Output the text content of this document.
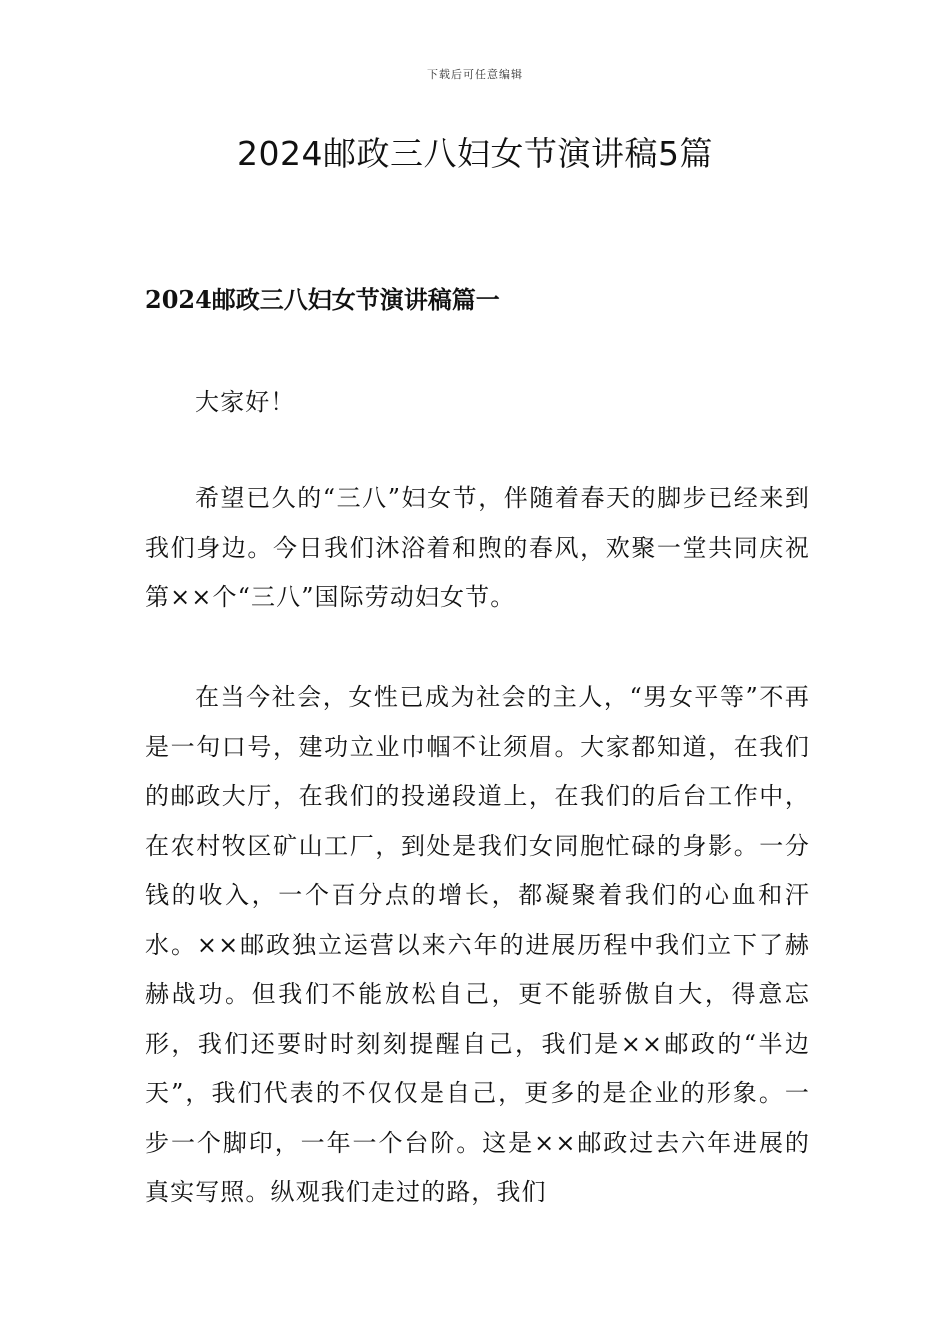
下载后可任意编辑
2024邮政三八妇女节演讲稿5篇
2024邮政三八妇女节演讲稿篇一

大家好！

希望已久的“三八”妇女节，伴随着春天的脚步已经来到我们身边。今日我们沐浴着和煦的春风，欢聚一堂共同庆祝第××个“三八”国际劳动妇女节。

在当今社会，女性已成为社会的主人，“男女平等”不再是一句口号，建功立业巾帼不让须眉。大家都知道，在我们的邮政大厅，在我们的投递段道上，在我们的后台工作中，在农村牧区矿山工厂，到处是我们女同胞忙碌的身影。一分钱的收入，一个百分点的增长，都凝聚着我们的心血和汗水。××邮政独立运营以来六年的进展历程中我们立下了赫赫战功。但我们不能放松自己，更不能骄傲自大，得意忘形，我们还要时时刻刻提醒自己，我们是××邮政的“半边天”，我们代表的不仅仅是自己，更多的是企业的形象。一步一个脚印，一年一个台阶。这是××邮政过去六年进展的真实写照。纵观我们走过的路，我们
